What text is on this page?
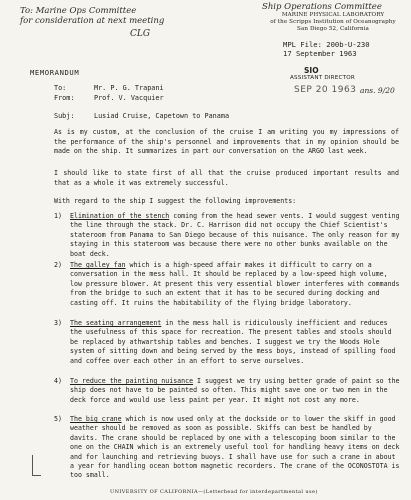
To: Marine Ops Committee
for consideration at next meeting
CLG
Ship Operations Committee
MARINE PHYSICAL LABORATORY
of the Scripps Institution of Oceanography
San Diego 52, California
MPL File: 200b-U-230
17 September 1963
SIO
ASSISTANT DIRECTOR
SEP 20 1963 ans. 9/20
MEMORANDUM
To:	Mr. P. G. Trapani
From:	Prof. V. Vacquier
Subj:	Lusiad Cruise, Capetown to Panama
As is my custom, at the conclusion of the cruise I am writing you my impressions of the performance of the ship's personnel and improvements that in my opinion should be made on the ship. It summarizes in part our conversation on the ARGO last week.
I should like to state first of all that the cruise produced important results and that as a whole it was extremely successful.
With regard to the ship I suggest the following improvements:
1) Elimination of the stench coming from the head sewer vents. I would suggest venting the line through the stack. Dr. C. Harrison did not occupy the Chief Scientist's stateroom from Panama to San Diego because of this nuisance. The only reason for my staying in this stateroom was because there were no other bunks available on the boat deck.
2) The galley fan which is a high-speed affair makes it difficult to carry on a conversation in the mess hall. It should be replaced by a low-speed high volume, low pressure blower. At present this very essential blower interferes with commands from the bridge to such an extent that it has to be secured during docking and casting off. It ruins the habitability of the flying bridge laboratory.
3) The seating arrangement in the mess hall is ridiculously inefficient and reduces the usefulness of this space for recreation. The present tables and stools should be replaced by athwartship tables and benches. I suggest we try the Woods Hole system of sitting down and being served by the mess boys, instead of spilling food and coffee over each other in an effort to serve ourselves.
4) To reduce the painting nuisance I suggest we try using better grade of paint so the ship does not have to be painted so often. This might save one or two men in the deck force and would use less paint per year. It might not cost any more.
5) The big crane which is now used only at the dockside or to lower the skiff in good weather should be removed as soon as possible. Skiffs can best be handled by davits. The crane should be replaced by one with a telescoping boom similar to the one on the CHAIN which is an extremely useful tool for handling heavy items on deck and for launching and retrieving buoys. I shall have use for such a crane in about a year for handling ocean bottom magnetic recorders. The crane of the OCONOSTOTA is too small.
UNIVERSITY OF CALIFORNIA—(Letterhead for interdepartmental use)
